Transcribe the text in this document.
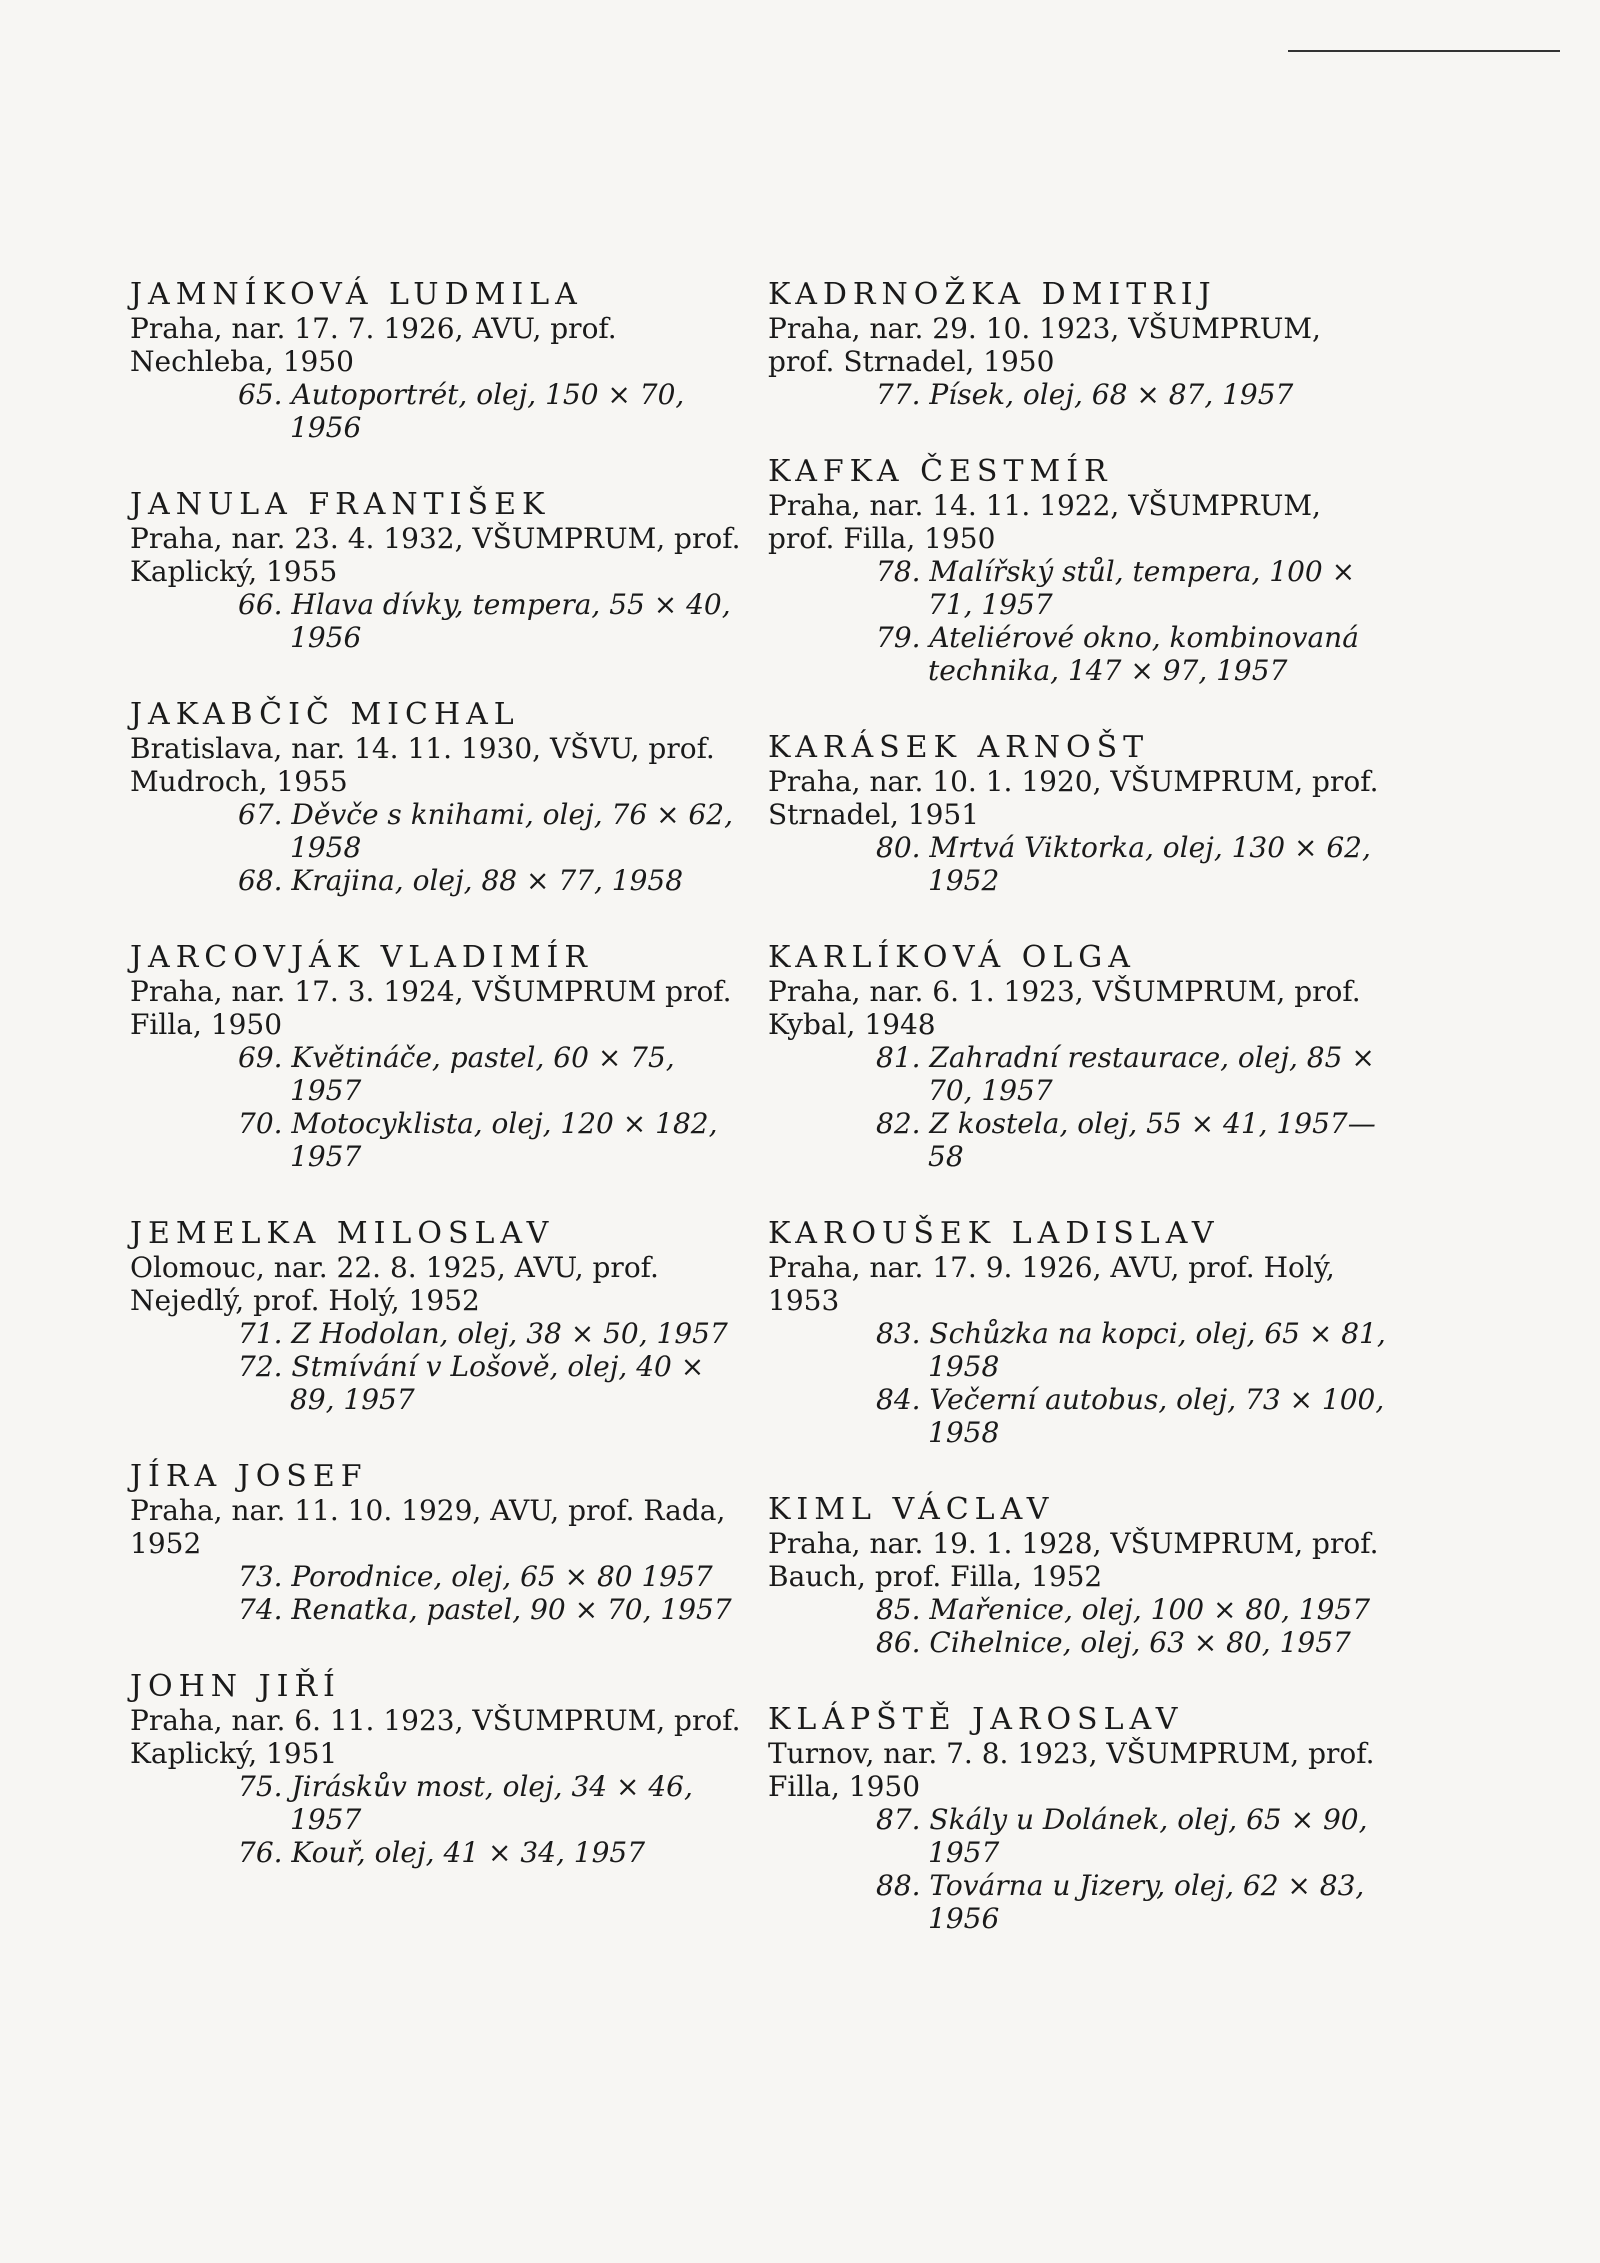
JAMNÍKOVÁ LUDMILA

Praha, nar. 17. 7. 1926, AVU, prof. Nechleba, 1950

65. Autoportrét, olej, 150 × 70, 1956
JANULA FRANTIŠEK

Praha, nar. 23. 4. 1932, VŠUMPRUM, prof. Kaplický, 1955

66. Hlava dívky, tempera, 55 × 40, 1956
JAKABČIČ MICHAL

Bratislava, nar. 14. 11. 1930, VŠVU, prof. Mudroch, 1955

67. Děvče s knihami, olej, 76 × 62, 1958
68. Krajina, olej, 88 × 77, 1958
JARCOVJÁK VLADIMÍR

Praha, nar. 17. 3. 1924, VŠUMPRUM prof. Filla, 1950

69. Květináče, pastel, 60 × 75, 1957
70. Motocyklista, olej, 120 × 182, 1957
JEMELKA MILOSLAV

Olomouc, nar. 22. 8. 1925, AVU, prof. Nejedlý, prof. Holý, 1952

71. Z Hodolan, olej, 38 × 50, 1957
72. Stmívání v Lošově, olej, 40 × 89, 1957
JÍRA JOSEF

Praha, nar. 11. 10. 1929, AVU, prof. Rada, 1952

73. Porodnice, olej, 65 × 80 1957
74. Renatka, pastel, 90 × 70, 1957
JOHN JIŘÍ

Praha, nar. 6. 11. 1923, VŠUMPRUM, prof. Kaplický, 1951

75. Jiráskův most, olej, 34 × 46, 1957
76. Kouř, olej, 41 × 34, 1957
KADRNOŽKA DMITRIJ

Praha, nar. 29. 10. 1923, VŠUMPRUM, prof. Strnadel, 1950

77. Písek, olej, 68 × 87, 1957
KAFKA ČESTMÍR

Praha, nar. 14. 11. 1922, VŠUMPRUM, prof. Filla, 1950

78. Malířský stůl, tempera, 100 × 71, 1957
79. Ateliérové okno, kombinovaná technika, 147 × 97, 1957
KARÁSEK ARNOŠT

Praha, nar. 10. 1. 1920, VŠUMPRUM, prof. Strnadel, 1951

80. Mrtvá Viktorka, olej, 130 × 62, 1952
KARLÍKOVÁ OLGA

Praha, nar. 6. 1. 1923, VŠUMPRUM, prof. Kybal, 1948

81. Zahradní restaurace, olej, 85 × 70, 1957
82. Z kostela, olej, 55 × 41, 1957—58
KAROUŠEK LADISLAV

Praha, nar. 17. 9. 1926, AVU, prof. Holý, 1953

83. Schůzka na kopci, olej, 65 × 81, 1958
84. Večerní autobus, olej, 73 × 100, 1958
KIML VÁCLAV

Praha, nar. 19. 1. 1928, VŠUMPRUM, prof. Bauch, prof. Filla, 1952

85. Mařenice, olej, 100 × 80, 1957
86. Cihelnice, olej, 63 × 80, 1957
KLÁPŠTĚ JAROSLAV

Turnov, nar. 7. 8. 1923, VŠUMPRUM, prof. Filla, 1950

87. Skály u Dolánek, olej, 65 × 90, 1957
88. Továrna u Jizery, olej, 62 × 83, 1956
